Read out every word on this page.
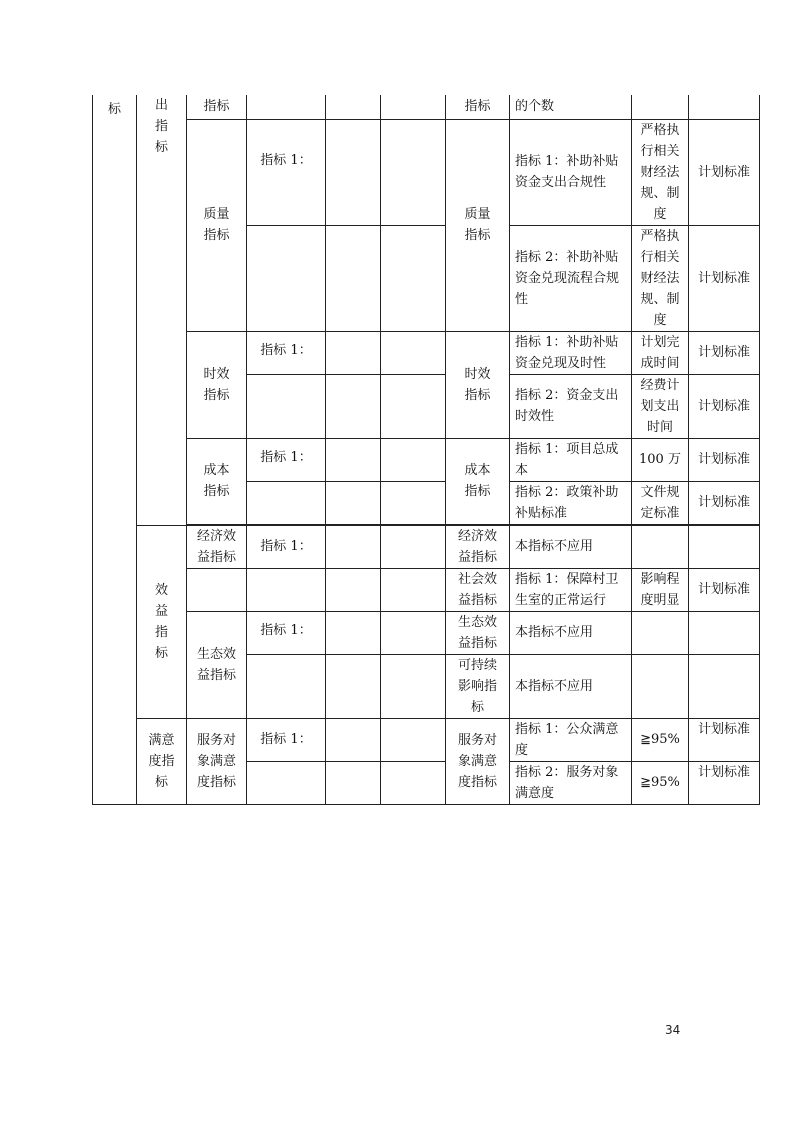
标	出指标	指标				指标	的个数		
		质量指标	指标 1：			质量指标	指标 1：补助补贴资金支出合规性	严格执行相关财经法规、制度	计划标准
							指标 2：补助补贴资金兑现流程合规性	严格执行相关财经法规、制度	计划标准
		时效指标	指标 1：			时效指标	指标 1：补助补贴资金兑现及时性	计划完成时间	计划标准
							指标 2：资金支出时效性	经费计划支出时间	计划标准
		成本指标	指标 1：			成本指标	指标 1：项目总成本	100 万	计划标准
							指标 2：政策补助补贴标准	文件规定标准	计划标准

	效益指标	经济效益指标	指标 1：			经济效益指标	本指标不应用		
						社会效益指标	指标 1：保障村卫生室的正常运行	影响程度明显	计划标准
		生态效益指标	指标 1：			生态效益指标	本指标不应用		
						可持续影响指标	本指标不应用		
	满意度指标	服务对象满意度指标	指标 1：			服务对象满意度指标	指标 1：公众满意度	≧95%	计划标准
							指标 2：服务对象满意度	≧95%	计划标准
34
